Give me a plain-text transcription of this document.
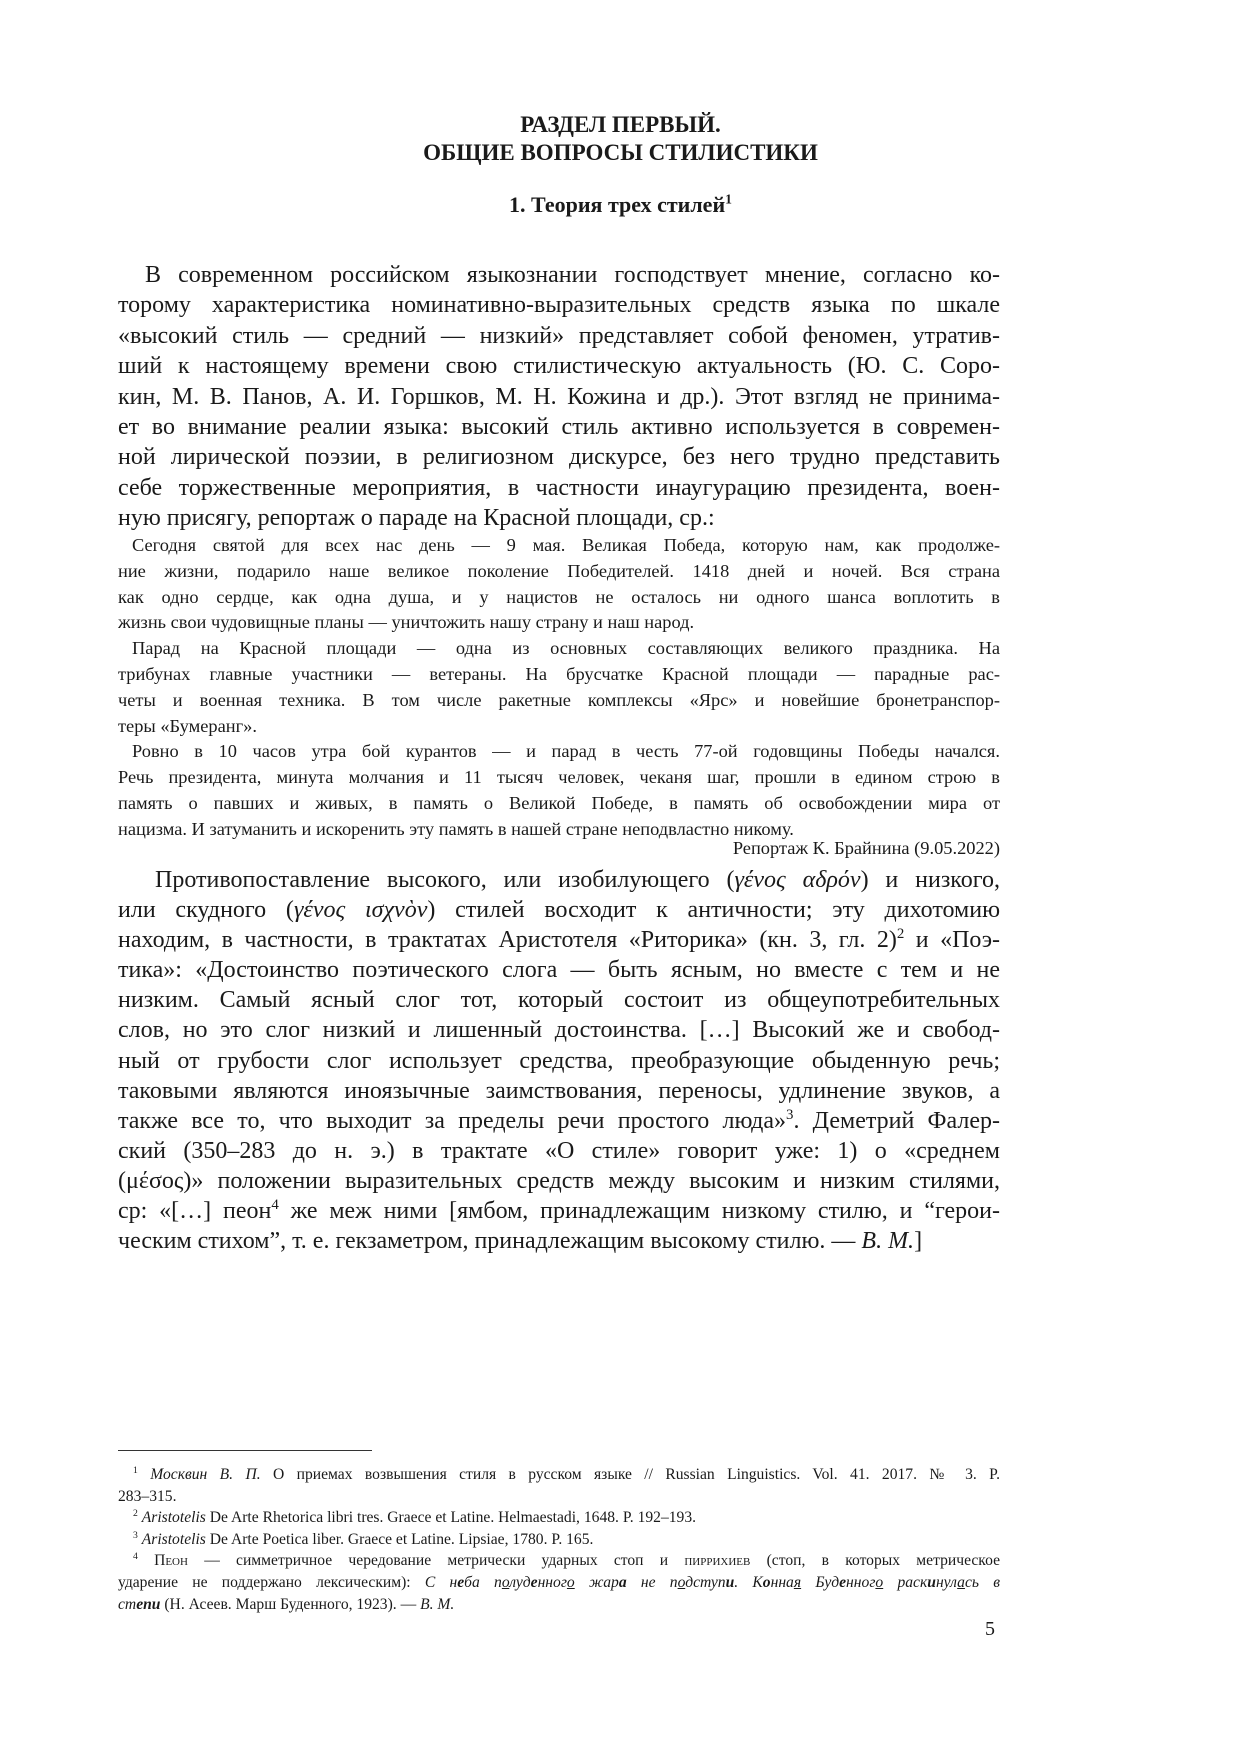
РАЗДЕЛ ПЕРВЫЙ.
ОБЩИЕ ВОПРОСЫ СТИЛИСТИКИ
1. Теория трех стилей$^1$
В современном российском языкознании господствует мнение, согласно ко-
торому характеристика номинативно-выразительных средств языка по шкале
«высокий стиль — средний — низкий» представляет собой феномен, утратив-
ший к настоящему времени свою стилистическую актуальность (Ю. С. Соро-
кин, М. В. Панов, А. И. Горшков, М. Н. Кожина и др.). Этот взгляд не принима-
ет во внимание реалии языка: высокий стиль активно используется в современ-
ной лирической поэзии, в религиозном дискурсе, без него трудно представить
себе торжественные мероприятия, в частности инаугурацию президента, воен-
ную присягу, репортаж о параде на Красной площади, ср.:
Сегодня святой для всех нас день — 9 мая. Великая Победа, которую нам, как продолже-
ние жизни, подарило наше великое поколение Победителей. 1418 дней и ночей. Вся страна
как одно сердце, как одна душа, и у нацистов не осталось ни одного шанса воплотить в
жизнь свои чудовищные планы — уничтожить нашу страну и наш народ.
Парад на Красной площади — одна из основных составляющих великого праздника. На
трибунах главные участники — ветераны. На брусчатке Красной площади — парадные рас-
четы и военная техника. В том числе ракетные комплексы «Ярс» и новейшие бронетранспор-
теры «Бумеранг».
Ровно в 10 часов утра бой курантов — и парад в честь 77-ой годовщины Победы начался.
Речь президента, минута молчания и 11 тысяч человек, чеканя шаг, прошли в едином строю в
память о павших и живых, в память о Великой Победе, в память об освобождении мира от
нацизма. И затуманить и искоренить эту память в нашей стране неподвластно никому.
Репортаж К. Брайнина (9.05.2022)
Противопоставление высокого, или изобилующего (γένος αδρόν) и низкого,
или скудного (γένος ισχνὸν) стилей восходит к античности; эту дихотомию
находим, в частности, в трактатах Аристотеля «Риторика» (кн. 3, гл. 2)$^2$ и «Поэ-
тика»: «Достоинство поэтического слога — быть ясным, но вместе с тем и не
низким. Самый ясный слог тот, который состоит из общеупотребительных
слов, но это слог низкий и лишенный достоинства. […] Высокий же и свобод-
ный от грубости слог использует средства, преобразующие обыденную речь;
таковыми являются иноязычные заимствования, переносы, удлинение звуков, а
также все то, что выходит за пределы речи простого люда»$^3$. Деметрий Фалер-
ский (350–283 до н. э.) в трактате «О стиле» говорит уже: 1) о «среднем
(μέσος)» положении выразительных средств между высоким и низким стилями,
ср: «[…] пеон$^4$ же меж ними [ямбом, принадлежащим низкому стилю, и “герои-
ческим стихом”, т. е. гекзаметром, принадлежащим высокому стилю. — В. М.]
$^1$ Москвин В. П. О приемах возвышения стиля в русском языке // Russian Linguistics. Vol. 41. 2017. № 3. P.
283–315.
$^2$ Aristotelis De Arte Rhetorica libri tres. Graece et Latine. Helmaestadi, 1648. P. 192–193.
$^3$ Aristotelis De Arte Poetica liber. Graece et Latine. Lipsiae, 1780. P. 165.
$^4$ Пеон — симметричное чередование метрически ударных стоп и пиррихиев (стоп, в которых метрическое
ударение не поддержано лексическим): С неба полуденного жара не подступи. Конная Буденного раскинулась в
степи (Н. Асеев. Марш Буденного, 1923). — В. М.
5
